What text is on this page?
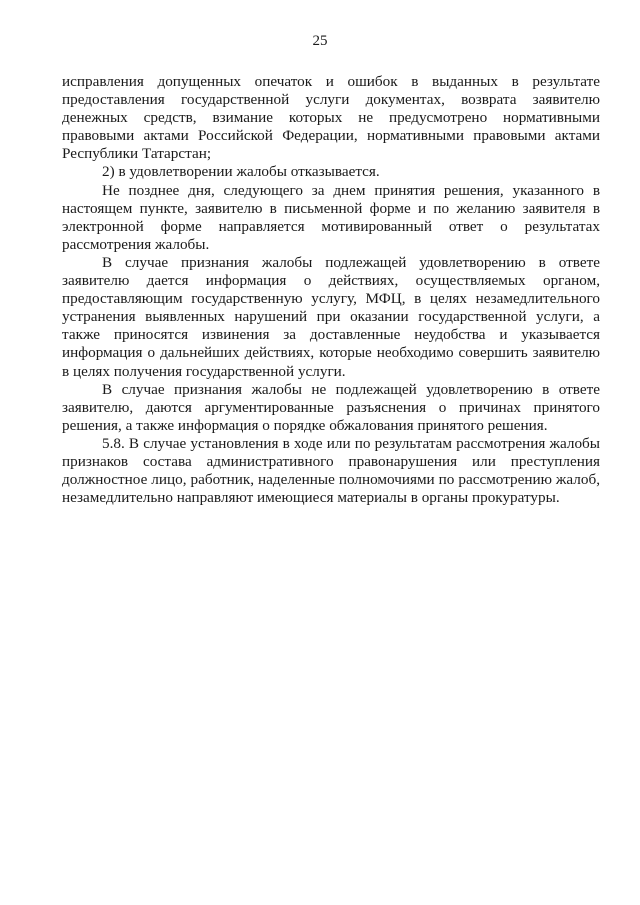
25

исправления допущенных опечаток и ошибок в выданных в результате предоставления государственной услуги документах, возврата заявителю денежных средств, взимание которых не предусмотрено нормативными правовыми актами Российской Федерации, нормативными правовыми актами Республики Татарстан;

2) в удовлетворении жалобы отказывается.

Не позднее дня, следующего за днем принятия решения, указанного в настоящем пункте, заявителю в письменной форме и по желанию заявителя в электронной форме направляется мотивированный ответ о результатах рассмотрения жалобы.

В случае признания жалобы подлежащей удовлетворению в ответе заявителю дается информация о действиях, осуществляемых органом, предоставляющим государственную услугу, МФЦ, в целях незамедлительного устранения выявленных нарушений при оказании государственной услуги, а также приносятся извинения за доставленные неудобства и указывается информация о дальнейших действиях, которые необходимо совершить заявителю в целях получения государственной услуги.

В случае признания жалобы не подлежащей удовлетворению в ответе заявителю, даются аргументированные разъяснения о причинах принятого решения, а также информация о порядке обжалования принятого решения.

5.8. В случае установления в ходе или по результатам рассмотрения жалобы признаков состава административного правонарушения или преступления должностное лицо, работник, наделенные полномочиями по рассмотрению жалоб, незамедлительно направляют имеющиеся материалы в органы прокуратуры.
